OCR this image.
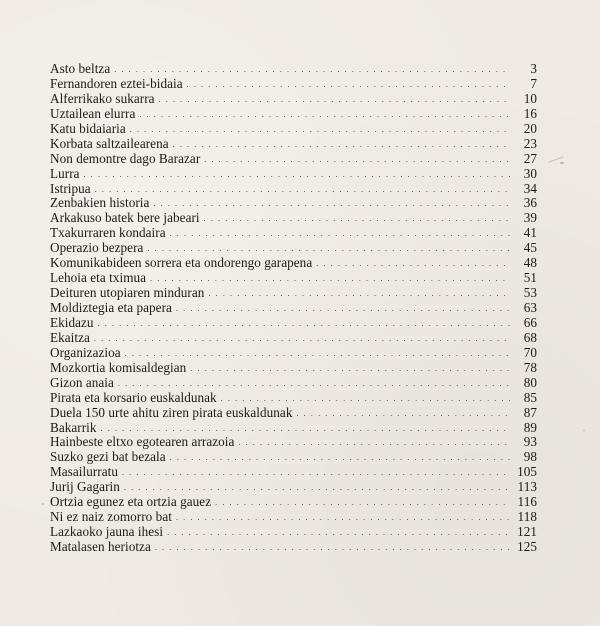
Asto beltza . . .	3
Fernandoren eztei-bidaia . . .	7
Alferrikako sukarra . . .	10
Uztailean elurra . . .	16
Katu bidaiaria . . .	20
Korbata saltzailearena . . .	23
Non demontre dago Barazar . . .	27
Lurra . . .	30
Istripua . . .	34
Zenbakien historia . . .	36
Arkakuso batek bere jabeari . . .	39
Txakurraren kondaira . . .	41
Operazio bezpera . . .	45
Komunikabideen sorrera eta ondorengo garapena . . .	48
Lehoia eta tximua . . .	51
Deituren utopiaren minduran . . .	53
Moldiztegia eta papera . . .	63
Ekidazu . . .	66
Ekaitza . . .	68
Organizazioa . . .	70
Mozkortia komisaldegian . . .	78
Gizon anaia . . .	80
Pirata eta korsario euskaldunak . . .	85
Duela 150 urte ahitu ziren pirata euskaldunak . . .	87
Bakarrik . . .	89
Hainbeste eltxo egotearen arrazoia . . .	93
Suzko gezi bat bezala . . .	98
Masailurratu . . .	105
Jurij Gagarin . . .	113
Ortzia egunez eta ortzia gauez . . .	116
Ni ez naiz zomorro bat . . .	118
Lazkaoko jauna ihesi . . .	121
Matalasen heriotza . . .	125
